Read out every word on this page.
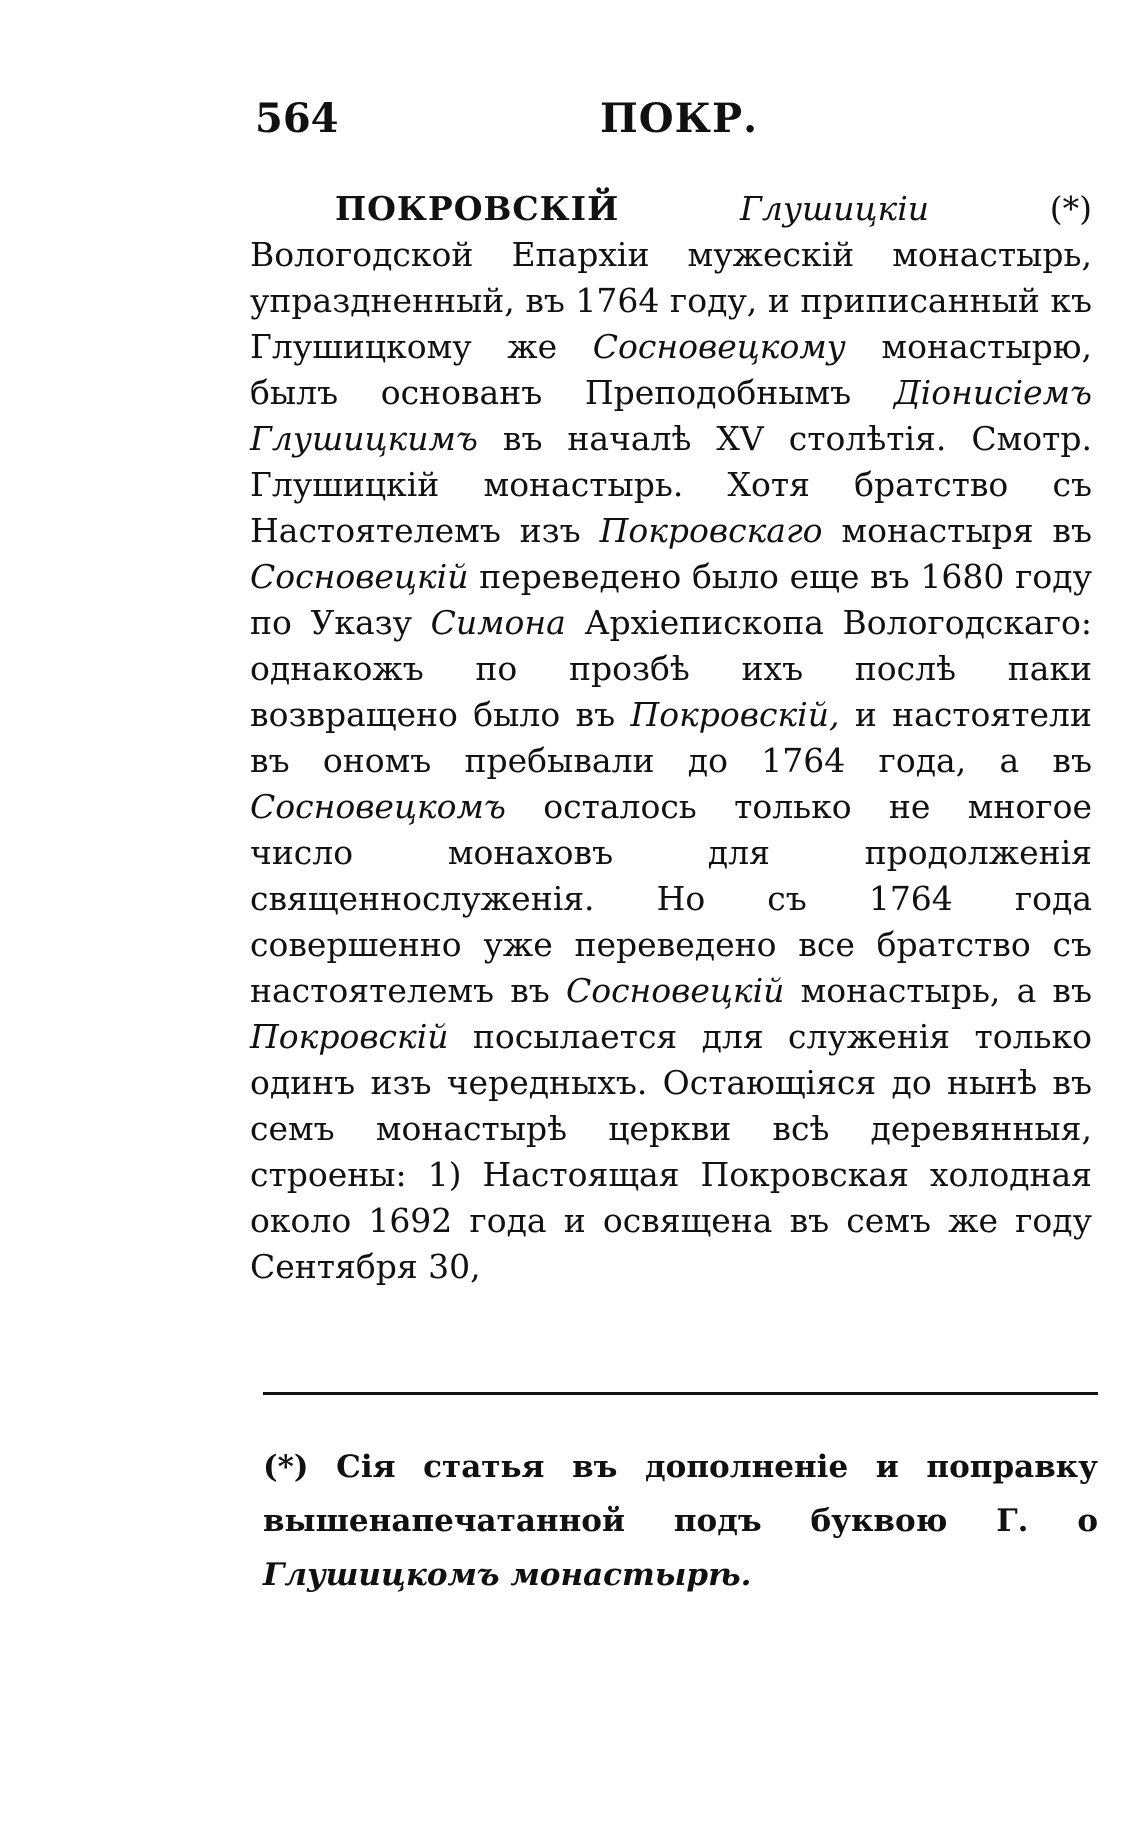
564	ПОКР.

ПОКРОВСКІЙ	Глушицкіи	(*) Вологодской Епархіи мужескій монастырь, упраздненный, въ 1764 году, и приписанный къ Глушицкому же Сосновецкому монастырю, былъ основанъ Преподобнымъ Діонисіемъ Глушицкимъ въ началѣ XV столѣтія. Смотр. Глушицкій монастырь. Хотя братство съ Настоятелемъ изъ Покровскаго монастыря въ Сосновецкій переведено было еще въ 1680 году по Указу Симона Архіепископа Вологодскаго: однакожъ по прозбѣ ихъ послѣ паки возвращено было въ Покровскій, и настоятели въ ономъ пребывали до 1764 года, а въ Сосновецкомъ осталось только не многое число монаховъ для продолженія священнослуженія. Но съ 1764 года совершенно уже переведено все братство съ настоятелемъ въ Сосновецкій монастырь, а въ Покровскій посылается для служенія только одинъ изъ чередныхъ. Остающіяся до нынѣ въ семъ монастырѣ церкви всѣ деревянныя, строены: 1) Настоящая Покровская холодная около 1692 года и освящена въ семъ же году Сентября 30,

(*) Сія статья въ дополненіе и поправку вышенапечатанной подъ буквою Г. о Глушицкомъ монастырѣ.
